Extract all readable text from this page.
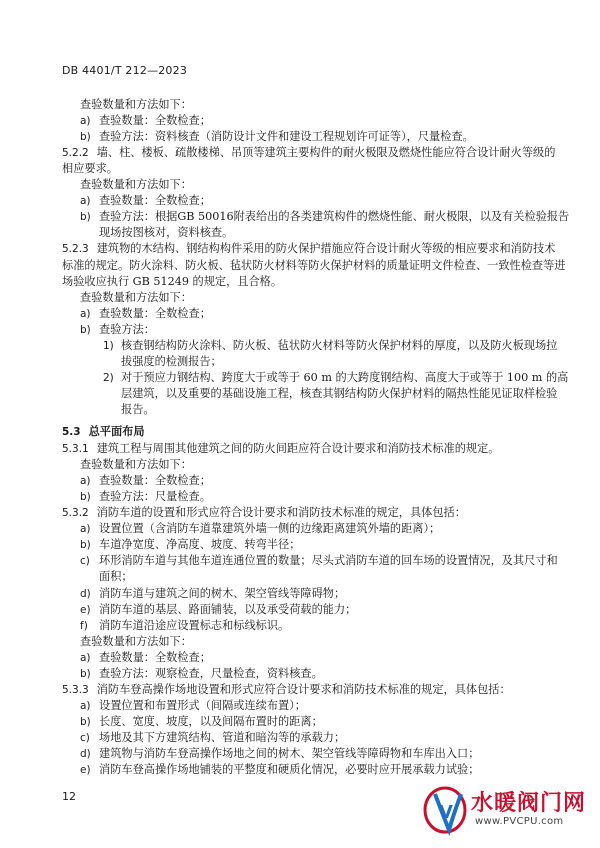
DB 4401/T 212—2023
查验数量和方法如下：
a) 查验数量：全数检查；
b) 查验方法：资料核查（消防设计文件和建设工程规划许可证等），尺量检查。
5.2.2 墙、柱、楼板、疏散楼梯、吊顶等建筑主要构件的耐火极限及燃烧性能应符合设计耐火等级的
相应要求。
查验数量和方法如下：
a) 查验数量：全数检查；
b) 查验方法：根据GB 50016附表给出的各类建筑构件的燃烧性能、耐火极限，以及有关检验报告
现场按图核对，资料核查。
5.2.3 建筑物的木结构、钢结构构件采用的防火保护措施应符合设计耐火等级的相应要求和消防技术
标准的规定。防火涂料、防火板、毡状防火材料等防火保护材料的质量证明文件检查、一致性检查等进
场验收应执行 GB 51249 的规定，且合格。
查验数量和方法如下：
a) 查验数量：全数检查；
b) 查验方法：
1) 核查钢结构防火涂料、防火板、毡状防火材料等防火保护材料的厚度，以及防火板现场拉
拔强度的检测报告；
2) 对于预应力钢结构、跨度大于或等于 60 m 的大跨度钢结构、高度大于或等于 100 m 的高
层建筑，以及重要的基础设施工程，核查其钢结构防火保护材料的隔热性能见证取样检验
报告。
5.3 总平面布局
5.3.1 建筑工程与周围其他建筑之间的防火间距应符合设计要求和消防技术标准的规定。
查验数量和方法如下：
a) 查验数量：全数检查；
b) 查验方法：尺量检查。
5.3.2 消防车道的设置和形式应符合设计要求和消防技术标准的规定，具体包括：
a) 设置位置（含消防车道靠建筑外墙一侧的边缘距离建筑外墙的距离）；
b) 车道净宽度、净高度、坡度、转弯半径；
c) 环形消防车道与其他车道连通位置的数量；尽头式消防车道的回车场的设置情况，及其尺寸和
面积；
d) 消防车道与建筑之间的树木、架空管线等障碍物；
e) 消防车道的基层、路面铺装，以及承受荷载的能力；
f) 消防车道沿途应设置标志和标线标识。
查验数量和方法如下：
a) 查验数量：全数检查；
b) 查验方法：观察检查，尺量检查，资料核查。
5.3.3 消防车登高操作场地设置和形式应符合设计要求和消防技术标准的规定，具体包括：
a) 设置位置和布置形式（间隔或连续布置）；
b) 长度、宽度、坡度，以及间隔布置时的距离；
c) 场地及其下方建筑结构、管道和暗沟等的承载力；
d) 建筑物与消防车登高操作场地之间的树木、架空管线等障碍物和车库出入口；
e) 消防车登高操作场地铺装的平整度和硬质化情况，必要时应开展承载力试验；
12
V 水暖阀门网
www.PVCPU.com
